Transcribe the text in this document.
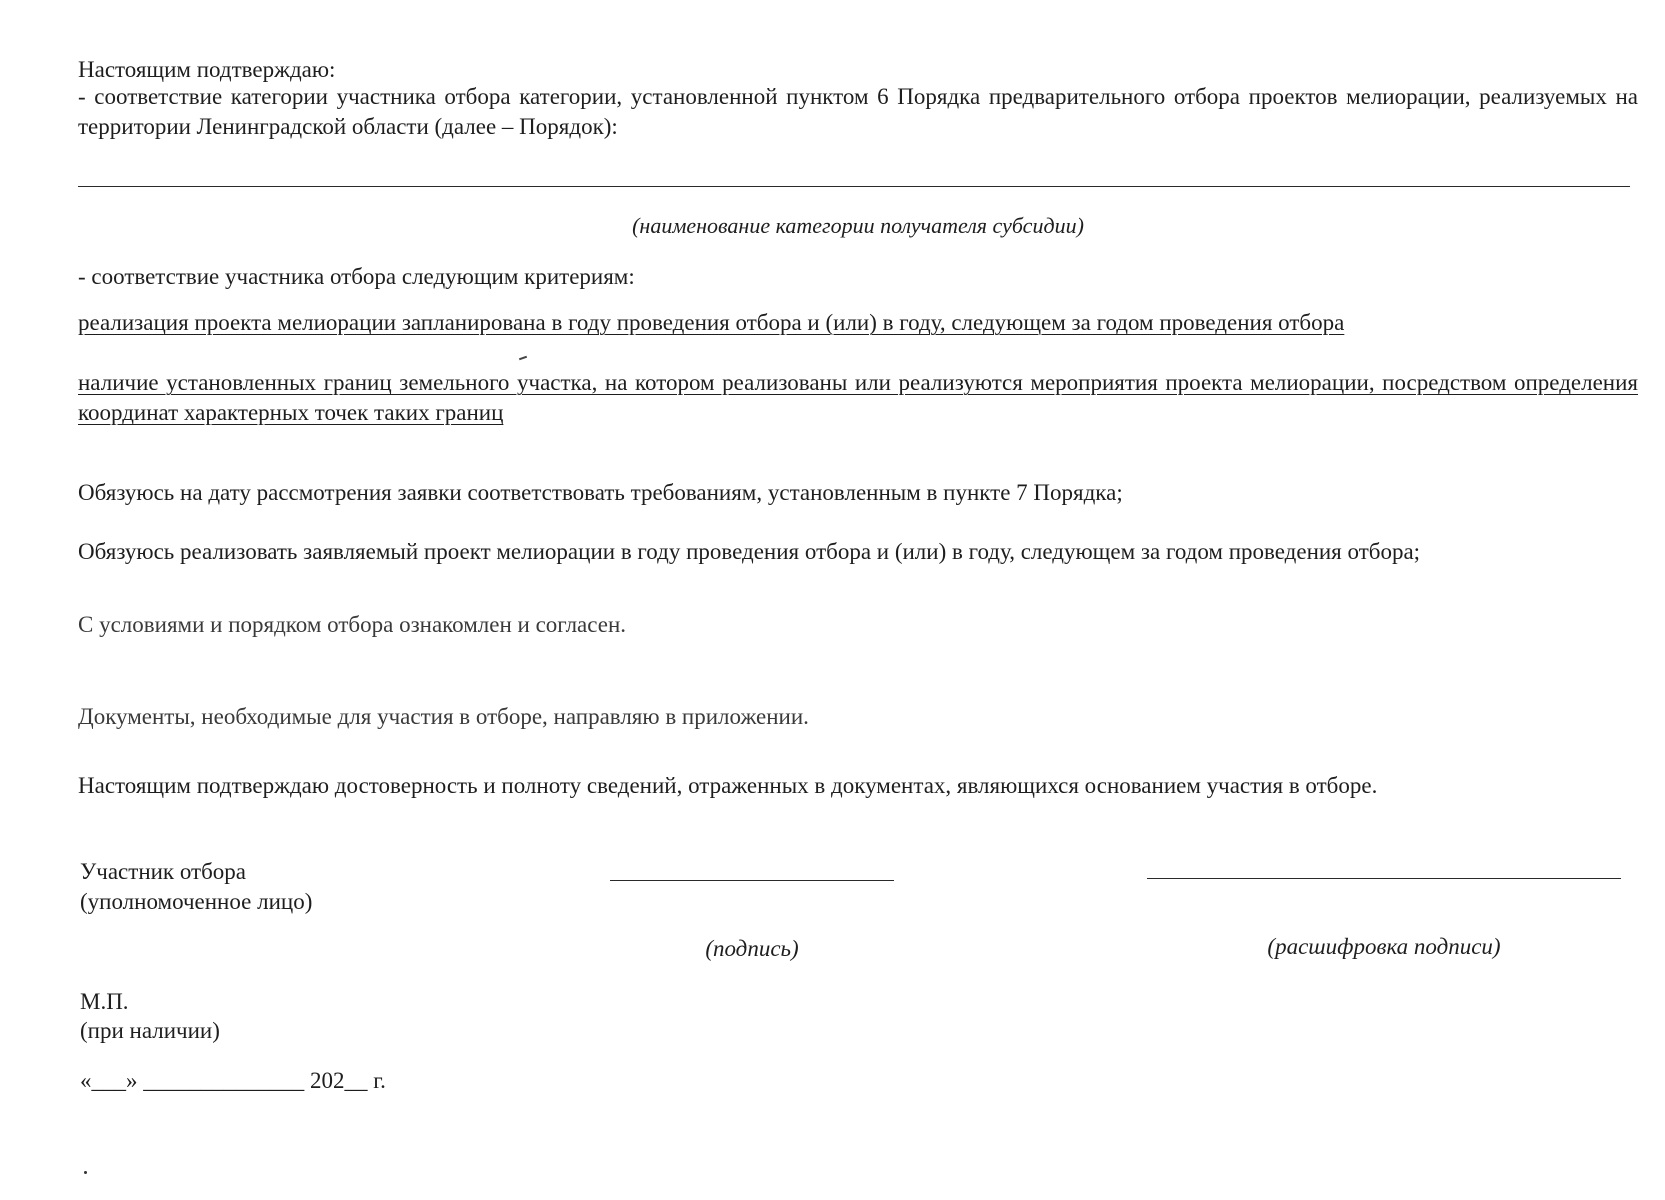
Настоящим подтверждаю:
- соответствие категории участника отбора категории, установленной пунктом 6 Порядка предварительного отбора проектов мелиорации, реализуемых на территории Ленинградской области (далее – Порядок):
(наименование категории получателя субсидии)
- соответствие участника отбора следующим критериям:
реализация проекта мелиорации запланирована в году проведения отбора и (или) в году, следующем за годом проведения отбора
наличие установленных границ земельного участка, на котором реализованы или реализуются мероприятия проекта мелиорации, посредством определения координат характерных точек таких границ
Обязуюсь на дату рассмотрения заявки соответствовать требованиям, установленным в пункте 7 Порядка;
Обязуюсь реализовать заявляемый проект мелиорации в году проведения отбора и (или) в году, следующем за годом проведения отбора;
С условиями и порядком отбора ознакомлен и согласен.
Документы, необходимые для участия в отборе, направляю в приложении.
Настоящим подтверждаю достоверность и полноту сведений, отраженных в документах, являющихся основанием участия в отборе.
Участник отбора
(уполномоченное лицо)
(подпись)	(расшифровка подписи)
М.П.
(при наличии)
«___» ______________ 202__ г.
